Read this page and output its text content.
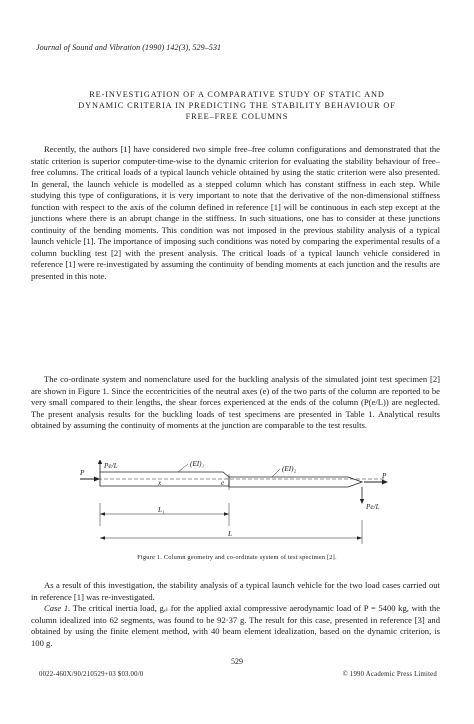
Journal of Sound and Vibration (1990) 142(3), 529–531
RE-INVESTIGATION OF A COMPARATIVE STUDY OF STATIC AND
DYNAMIC CRITERIA IN PREDICTING THE STABILITY BEHAVIOUR OF
FREE–FREE COLUMNS

Recently, the authors [1] have considered two simple free–free column configurations and demonstrated that the static criterion is superior computer-time-wise to the dynamic criterion for evaluating the stability behaviour of free–free columns. The critical loads of a typical launch vehicle obtained by using the static criterion were also presented. In general, the launch vehicle is modelled as a stepped column which has constant stiffness in each step. While studying this type of configurations, it is very important to note that the derivative of the non-dimensional stiffness function with respect to the axis of the column defined in reference [1] will be continuous in each step except at the junctions where there is an abrupt change in the stiffness. In such situations, one has to consider at these junctions continuity of the bending moments. This condition was not imposed in the previous stability analysis of a typical launch vehicle [1]. The importance of imposing such conditions was noted by comparing the experimental results of a column buckling test [2] with the present analysis. The critical loads of a typical launch vehicle considered in reference [1] were re-investigated by assuming the continuity of bending moments at each junction and the results are presented in this note.

The co-ordinate system and nomenclature used for the buckling analysis of the simulated joint test specimen [2] are shown in Figure 1. Since the eccentricities of the neutral axes (e) of the two parts of the column are reported to be very small compared to their lengths, the shear forces experienced at the ends of the column (P(e/L)) are neglected. The present analysis results for the buckling loads of test specimens are presented in Table 1. Analytical results obtained by assuming the continuity of moments at the junction are comparable to the test results.

Pe/L	(EI)₁
(EI)₂
P	P
x	e
Pe/L
L₁
L
Figure 1. Column geometry and co-ordinate system of test specimen [2].

As a result of this investigation, the stability analysis of a typical launch vehicle for the two load cases carried out in reference [1] was re-investigated.

Case 1. The critical inertia load, gₑₗ for the applied axial compressive aerodynamic load of P = 5400 kg, with the column idealized into 62 segments, was found to be 92·37 g. The result for this case, presented in reference [3] and obtained by using the finite element method, with 40 beam element idealization, based on the dynamic criterion, is 100 g.

529
0022-460X/90/210529+03 $03.00/0	© 1990 Academic Press Limited
